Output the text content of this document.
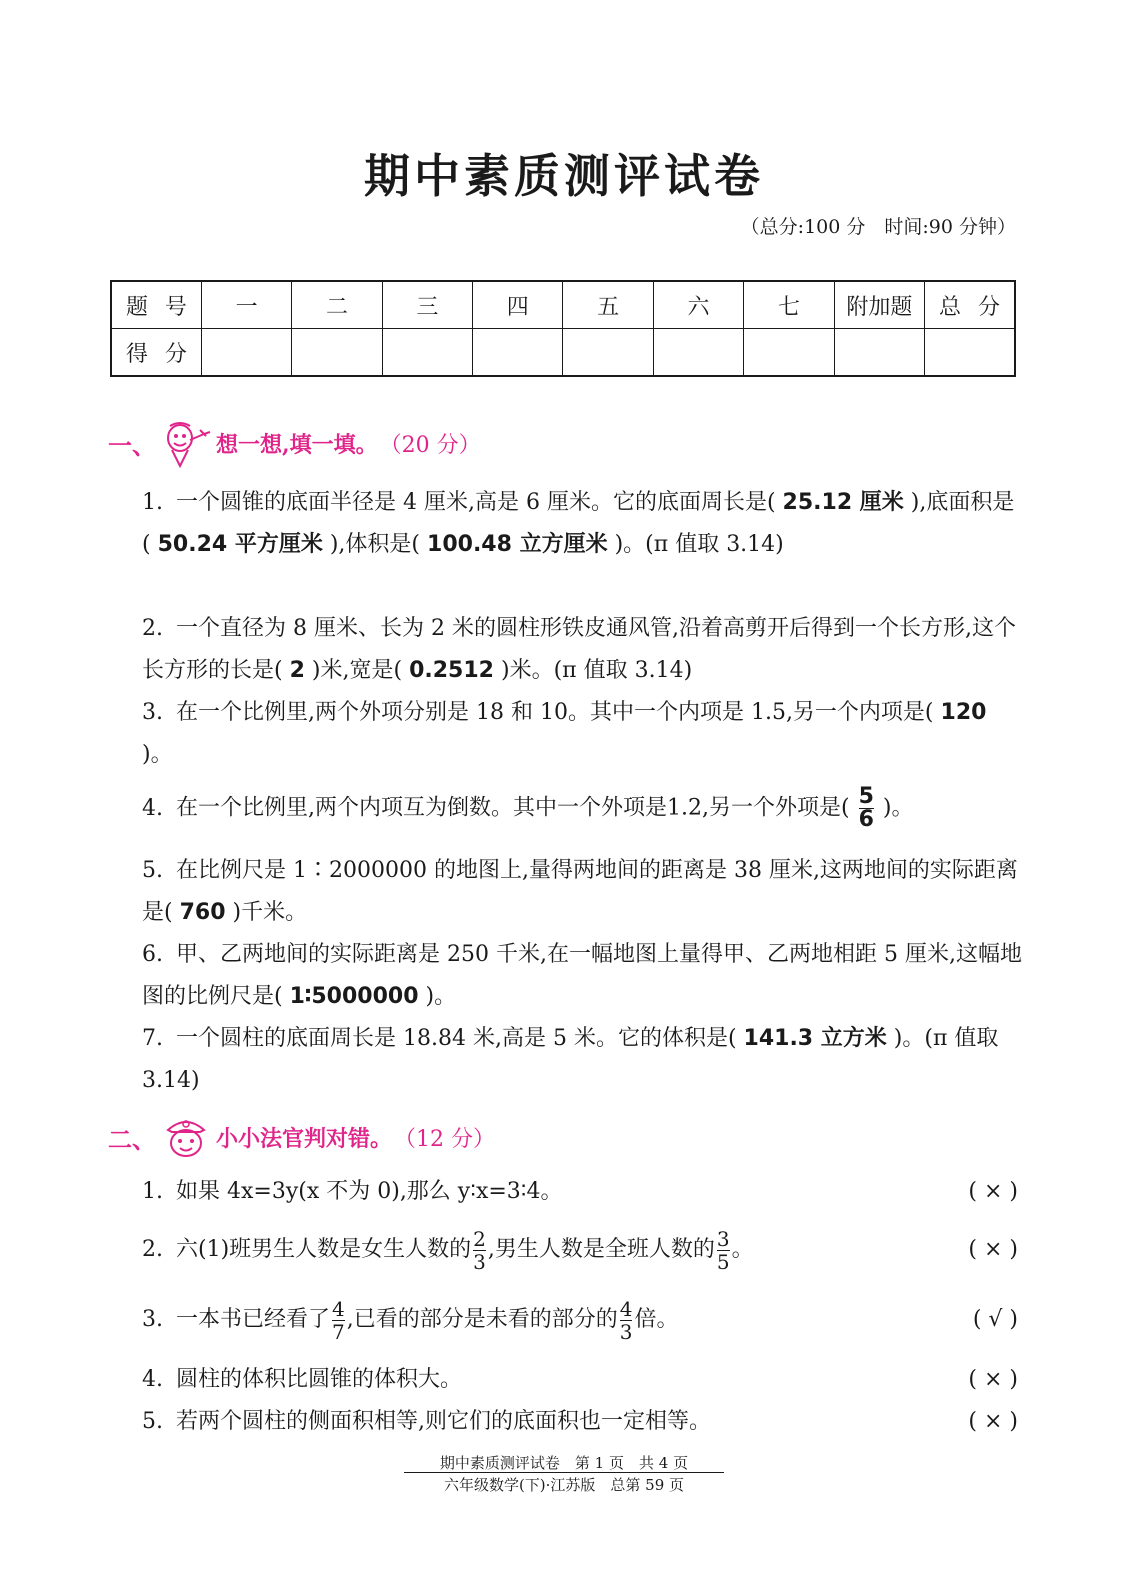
期中素质测评试卷
（总分:100 分　时间:90 分钟）
题号	一	二	三	四	五	六	七	附加题	总分
得分									
一、	想一想,填一填。 （20 分）
1. 一个圆锥的底面半径是 4 厘米,高是 6 厘米。它的底面周长是( 25.12 厘米 ),底面积是( 50.24 平方厘米 ),体积是( 100.48 立方厘米 )。(π 值取 3.14)
2. 一个直径为 8 厘米、长为 2 米的圆柱形铁皮通风管,沿着高剪开后得到一个长方形,这个长方形的长是( 2 )米,宽是( 0.2512 )米。(π 值取 3.14)
3. 在一个比例里,两个外项分别是 18 和 10。其中一个内项是 1.5,另一个内项是( 120 )。
4. 在一个比例里,两个内项互为倒数。其中一个外项是1.2,另一个外项是( $\frac{5}{6}$ )。
5. 在比例尺是 1∶2000000 的地图上,量得两地间的距离是 38 厘米,这两地间的实际距离是( 760 )千米。
6. 甲、乙两地间的实际距离是 250 千米,在一幅地图上量得甲、乙两地相距 5 厘米,这幅地图的比例尺是( 1∶5000000 )。
7. 一个圆柱的底面周长是 18.84 米,高是 5 米。它的体积是( 141.3 立方米 )。(π 值取 3.14)
二、	小小法官判对错。 （12 分）
1. 如果 4x=3y(x 不为 0),那么 y∶x=3∶4。	( × )
2. 六(1)班男生人数是女生人数的 $\frac{2}{3}$ ,男生人数是全班人数的 $\frac{3}{5}$ 。	( × )
3. 一本书已经看了 $\frac{4}{7}$ ,已看的部分是未看的部分的 $\frac{4}{3}$ 倍。	( √ )
4. 圆柱的体积比圆锥的体积大。	( × )
5. 若两个圆柱的侧面积相等,则它们的底面积也一定相等。	( × )
期中素质测评试卷　第 1 页　共 4 页
六年级数学(下)·江苏版　总第 59 页
